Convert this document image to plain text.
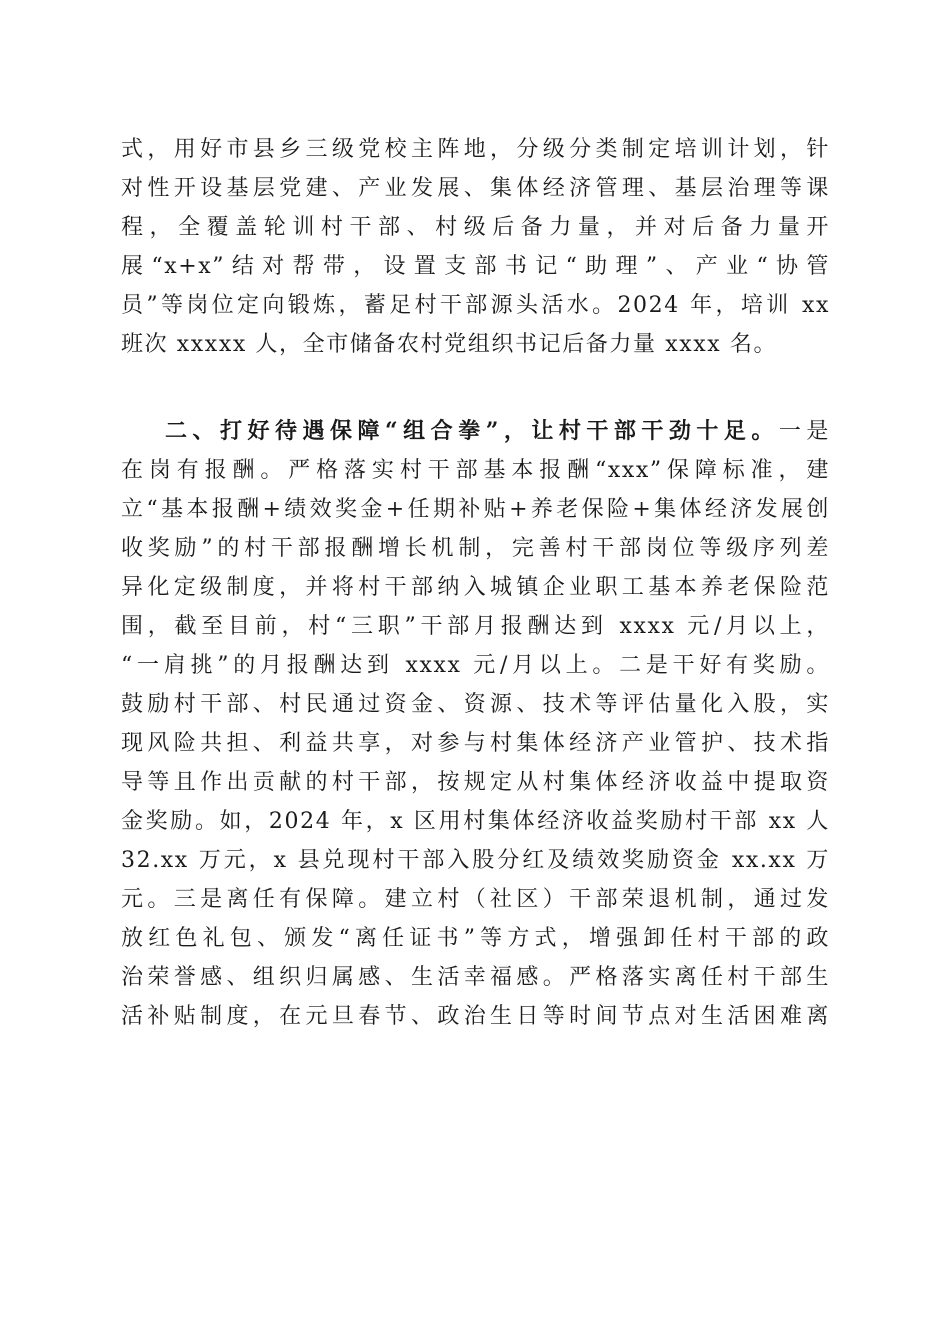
式，用好市县乡三级党校主阵地，分级分类制定培训计划，针
对性开设基层党建、产业发展、集体经济管理、基层治理等课
程，全覆盖轮训村干部、村级后备力量，并对后备力量开
展“x+x”结对帮带，设置支部书记“助理”、产业“协管
员”等岗位定向锻炼，蓄足村干部源头活水。2024 年，培训 xx
班次 xxxxx 人，全市储备农村党组织书记后备力量 xxxx 名。
二、打好待遇保障“组合拳”，让村干部干劲十足。一是
在岗有报酬。严格落实村干部基本报酬“xxx”保障标准，建
立“基本报酬+绩效奖金+任期补贴+养老保险+集体经济发展创
收奖励”的村干部报酬增长机制，完善村干部岗位等级序列差
异化定级制度，并将村干部纳入城镇企业职工基本养老保险范
围，截至目前，村“三职”干部月报酬达到 xxxx 元/月以上，
“一肩挑”的月报酬达到 xxxx 元/月以上。二是干好有奖励。
鼓励村干部、村民通过资金、资源、技术等评估量化入股，实
现风险共担、利益共享，对参与村集体经济产业管护、技术指
导等且作出贡献的村干部，按规定从村集体经济收益中提取资
金奖励。如，2024 年，x 区用村集体经济收益奖励村干部 xx 人
32.xx 万元，x 县兑现村干部入股分红及绩效奖励资金 xx.xx 万
元。三是离任有保障。建立村（社区）干部荣退机制，通过发
放红色礼包、颁发“离任证书”等方式，增强卸任村干部的政
治荣誉感、组织归属感、生活幸福感。严格落实离任村干部生
活补贴制度，在元旦春节、政治生日等时间节点对生活困难离
